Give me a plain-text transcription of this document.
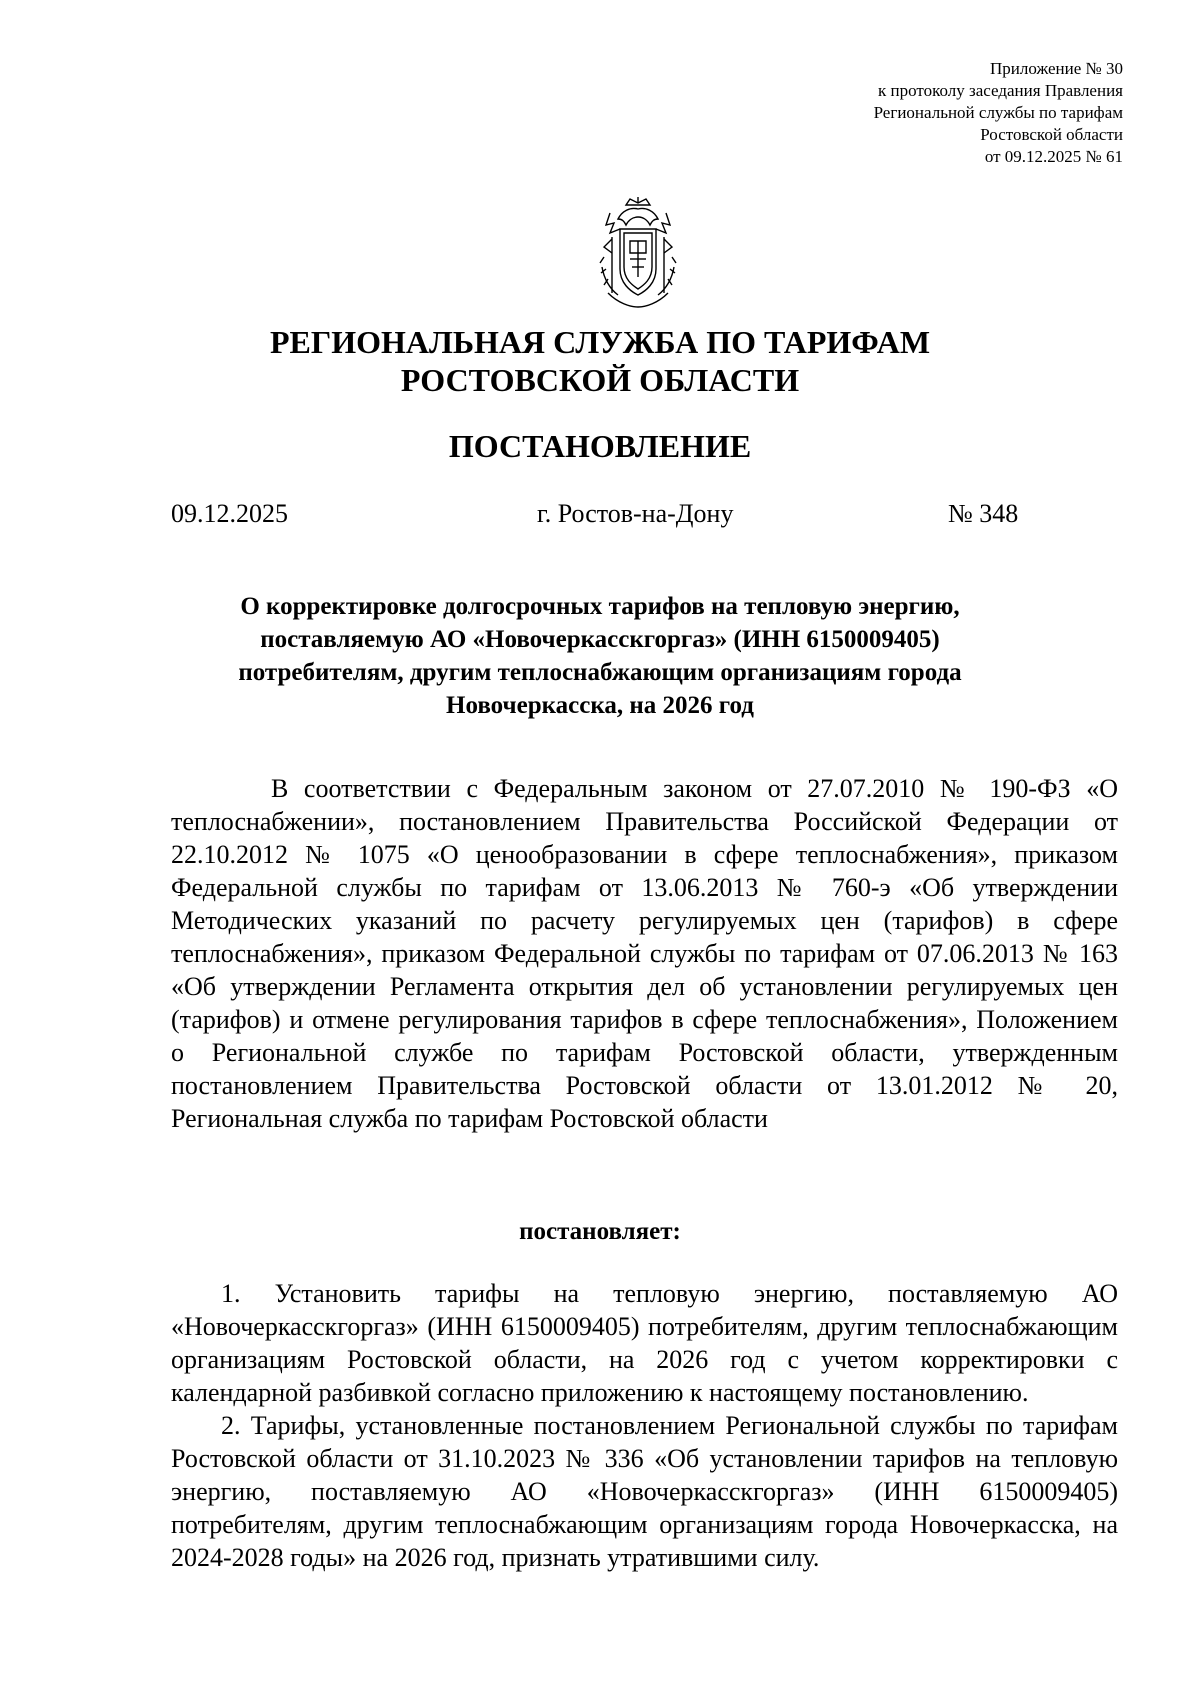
Приложение № 30
к протоколу заседания Правления
Региональной службы по тарифам
Ростовской области
от 09.12.2025 № 61
РЕГИОНАЛЬНАЯ СЛУЖБА ПО ТАРИФАМ
РОСТОВСКОЙ ОБЛАСТИ
ПОСТАНОВЛЕНИЕ
09.12.2025	г. Ростов-на-Дону	№ 348
О корректировке долгосрочных тарифов на тепловую энергию,
поставляемую АО «Новочеркасскгоргаз» (ИНН 6150009405)
потребителям, другим теплоснабжающим организациям города
Новочеркасска, на 2026 год
В соответствии с Федеральным законом от 27.07.2010 № 190-ФЗ «О теплоснабжении», постановлением Правительства Российской Федерации от 22.10.2012 № 1075 «О ценообразовании в сфере теплоснабжения», приказом Федеральной службы по тарифам от 13.06.2013 № 760-э «Об утверждении Методических указаний по расчету регулируемых цен (тарифов) в сфере теплоснабжения», приказом Федеральной службы по тарифам от 07.06.2013 № 163 «Об утверждении Регламента открытия дел об установлении регулируемых цен (тарифов) и отмене регулирования тарифов в сфере теплоснабжения», Положением о Региональной службе по тарифам Ростовской области, утвержденным постановлением Правительства Ростовской области от 13.01.2012 № 20, Региональная служба по тарифам Ростовской области
постановляет:

1. Установить тарифы на тепловую энергию, поставляемую АО «Новочеркасскгоргаз» (ИНН 6150009405) потребителям, другим теплоснабжающим организациям Ростовской области, на 2026 год с учетом корректировки с календарной разбивкой согласно приложению к настоящему постановлению.

2. Тарифы, установленные постановлением Региональной службы по тарифам Ростовской области от 31.10.2023 № 336 «Об установлении тарифов на тепловую энергию, поставляемую АО «Новочеркасскгоргаз» (ИНН 6150009405) потребителям, другим теплоснабжающим организациям города Новочеркасска, на 2024-2028 годы» на 2026 год, признать утратившими силу.
